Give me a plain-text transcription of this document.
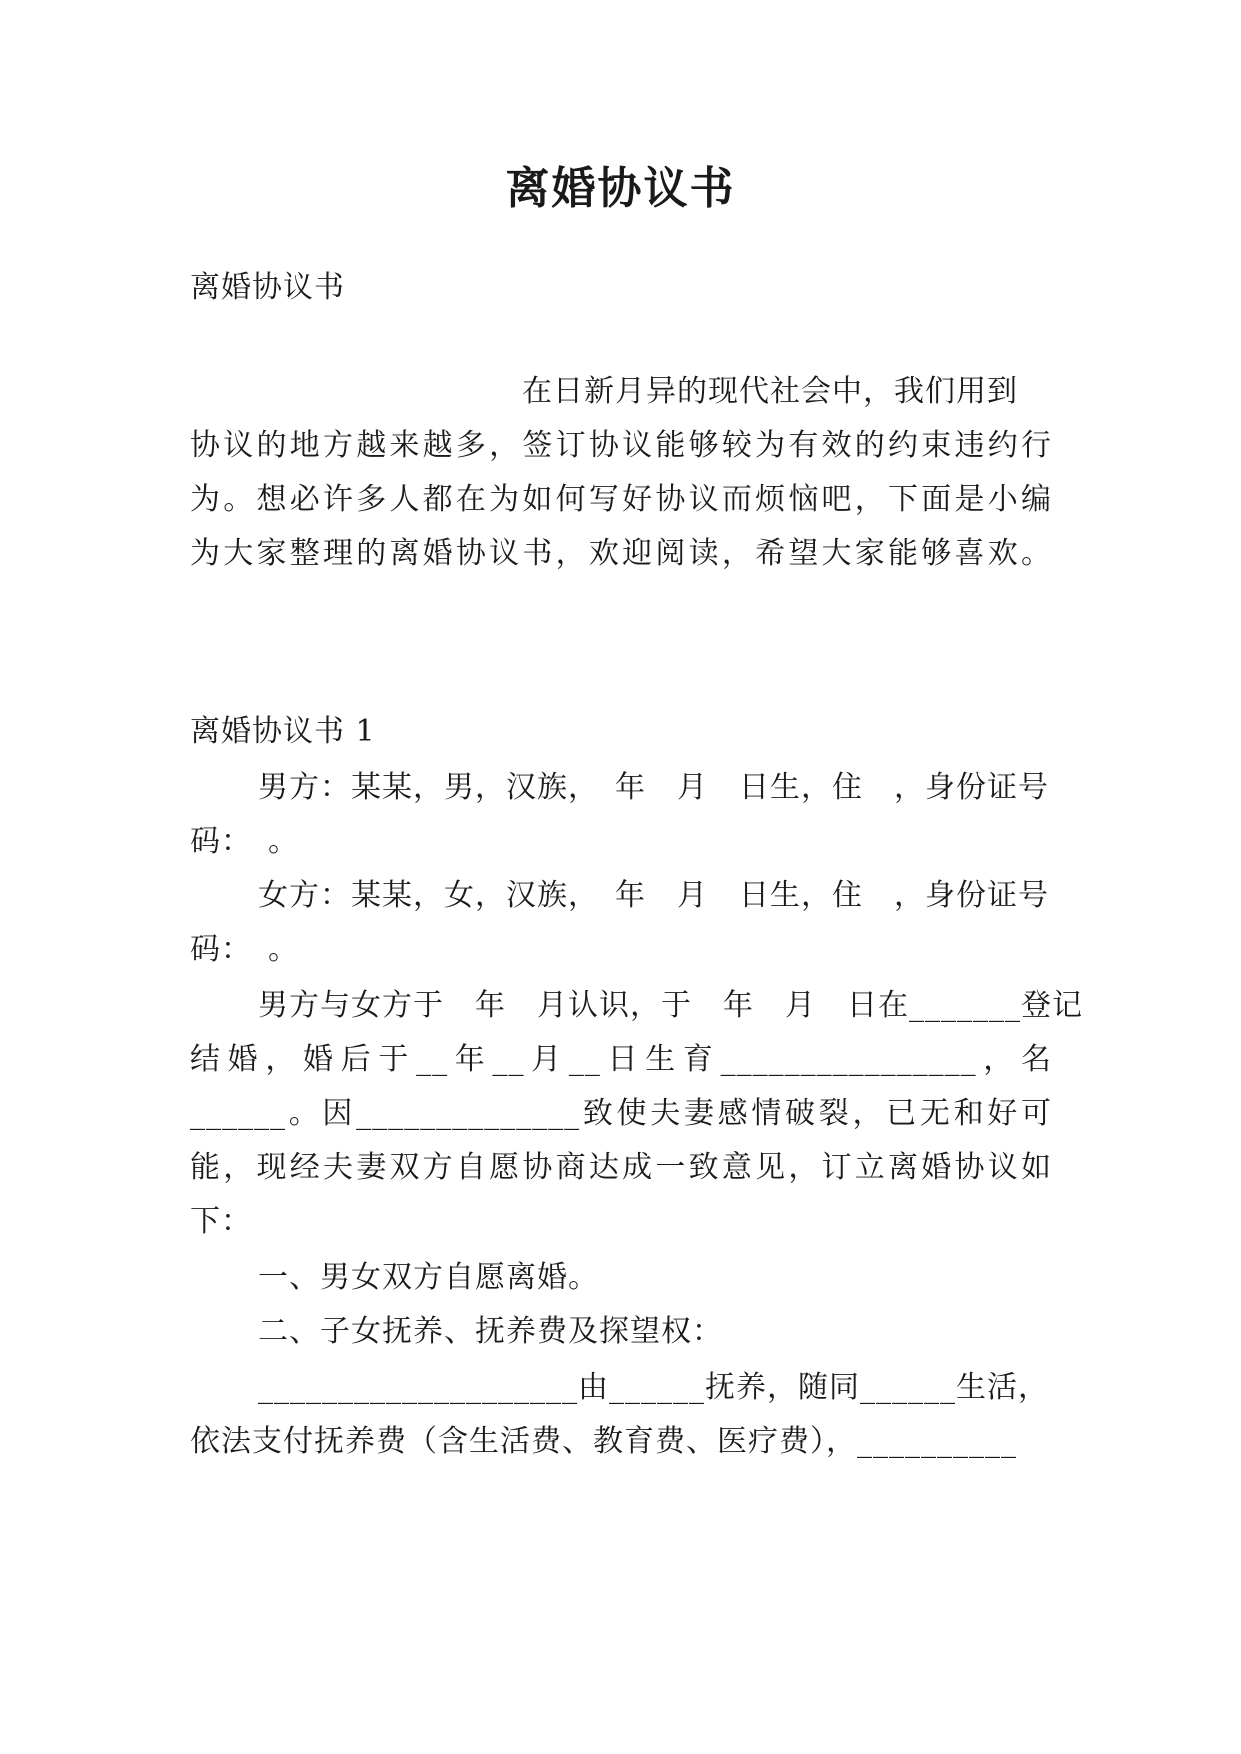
离婚协议书
离婚协议书
在日新月异的现代社会中，我们用到
协议的地方越来越多，签订协议能够较为有效的约束违约行
为。想必许多人都在为如何写好协议而烦恼吧，下面是小编
为大家整理的离婚协议书，欢迎阅读，希望大家能够喜欢。
离婚协议书 1
男方：某某，男，汉族，　年　月　日生，住　，身份证号
码：　。
女方：某某，女，汉族，　年　月　日生，住　，身份证号
码：　。
男方与女方于　年　月认识，于　年　月　日在_______登记
结婚，婚后于__年__月__日生育________________，名
______。因______________致使夫妻感情破裂，已无和好可
能，现经夫妻双方自愿协商达成一致意见，订立离婚协议如
下：
一、男女双方自愿离婚。
二、子女抚养、抚养费及探望权：
____________________由______抚养，随同______生活，
依法支付抚养费（含生活费、教育费、医疗费），__________
